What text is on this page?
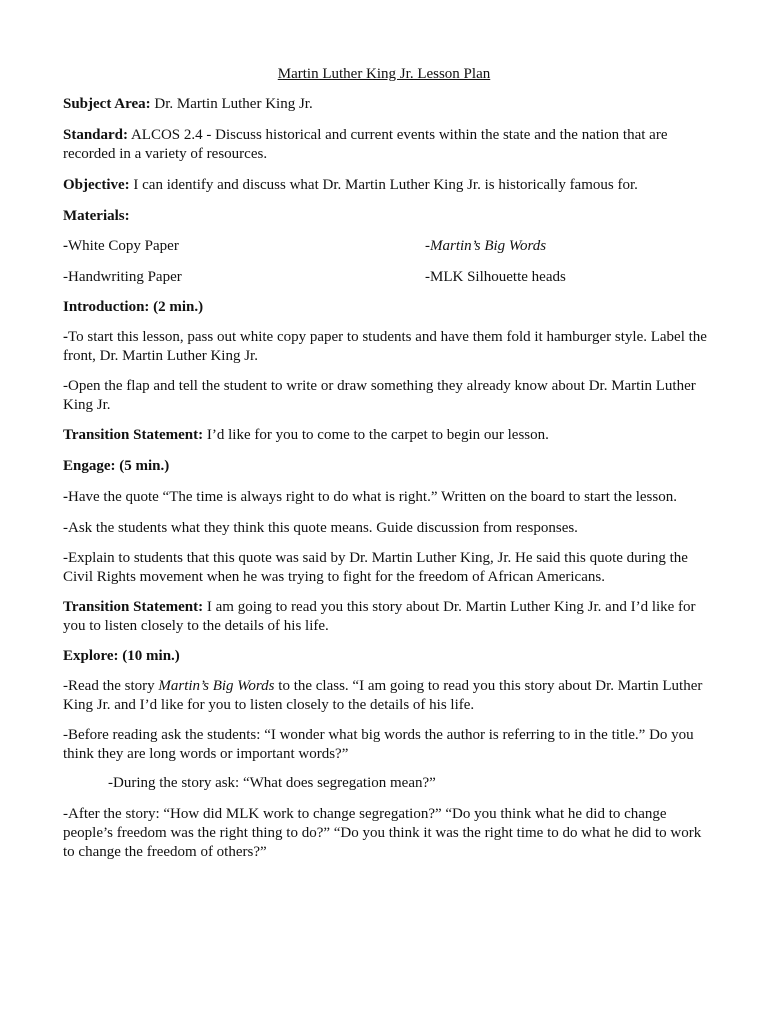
Martin Luther King Jr. Lesson Plan

Subject Area: Dr. Martin Luther King Jr.

Standard: ALCOS 2.4 - Discuss historical and current events within the state and the nation that are recorded in a variety of resources.

Objective: I can identify and discuss what Dr. Martin Luther King Jr. is historically famous for.

Materials:

-White Copy Paper	-Martin’s Big Words

-Handwriting Paper	-MLK Silhouette heads

Introduction: (2 min.)

-To start this lesson, pass out white copy paper to students and have them fold it hamburger style. Label the front, Dr. Martin Luther King Jr.

-Open the flap and tell the student to write or draw something they already know about Dr. Martin Luther King Jr.

Transition Statement: I’d like for you to come to the carpet to begin our lesson.

Engage: (5 min.)

-Have the quote “The time is always right to do what is right.” Written on the board to start the lesson.

-Ask the students what they think this quote means. Guide discussion from responses.

-Explain to students that this quote was said by Dr. Martin Luther King, Jr. He said this quote during the Civil Rights movement when he was trying to fight for the freedom of African Americans.

Transition Statement: I am going to read you this story about Dr. Martin Luther King Jr. and I’d like for you to listen closely to the details of his life.

Explore: (10 min.)

-Read the story Martin’s Big Words to the class. “I am going to read you this story about Dr. Martin Luther King Jr. and I’d like for you to listen closely to the details of his life.

-Before reading ask the students: “I wonder what big words the author is referring to in the title.” Do you think they are long words or important words?”

-During the story ask: “What does segregation mean?”

-After the story: “How did MLK work to change segregation?” “Do you think what he did to change people’s freedom was the right thing to do?” “Do you think it was the right time to do what he did to work to change the freedom of others?”
